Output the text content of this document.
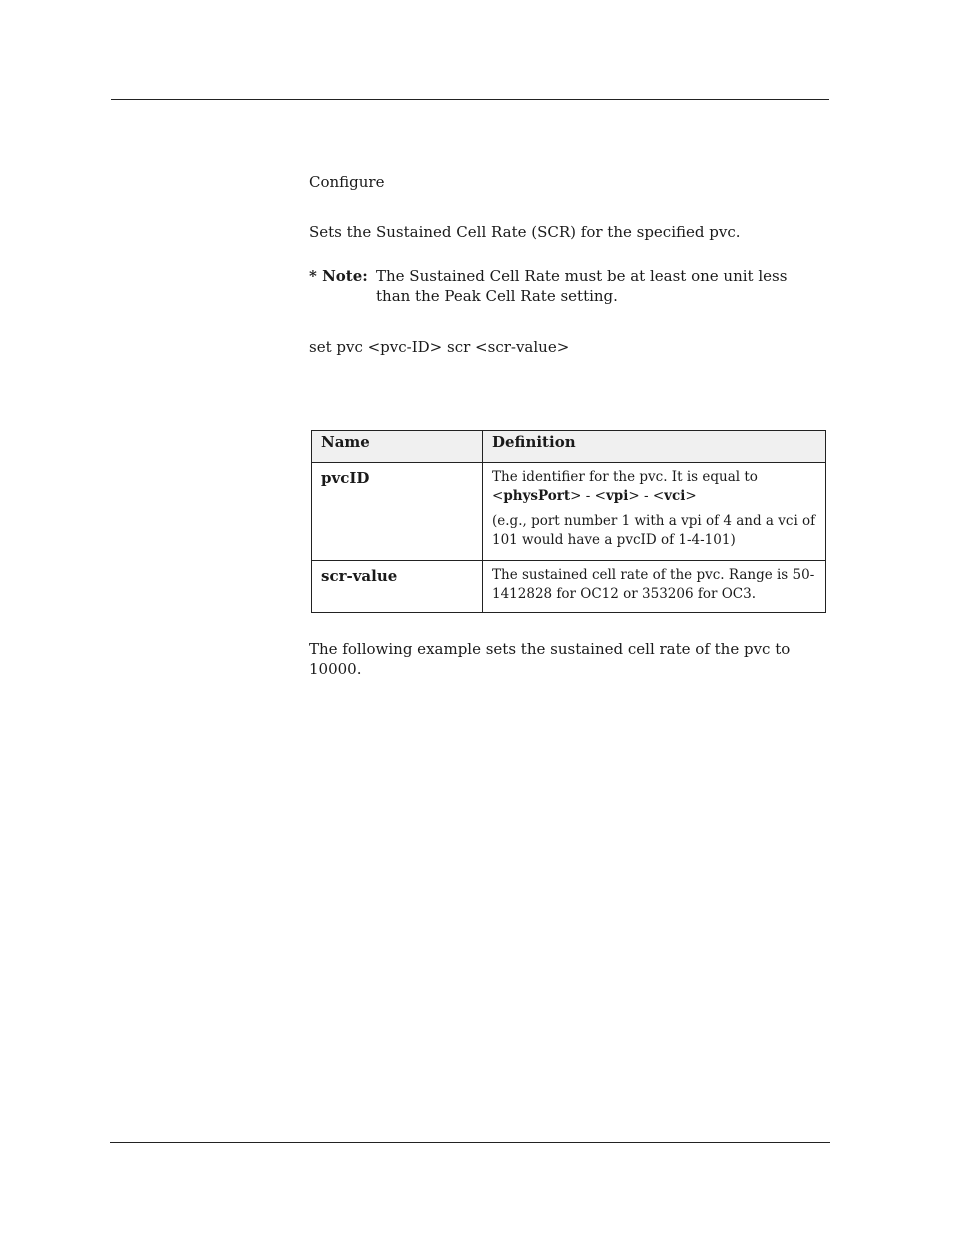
Configure

Sets the Sustained Cell Rate (SCR) for the specified pvc.

* Note: The Sustained Cell Rate must be at least one unit less
than the Peak Cell Rate setting.

set pvc <pvc-ID> scr <scr-value>

Name	Definition
pvcID	The identifier for the pvc. It is equal to
<physPort> - <vpi> - <vci>

(e.g., port number 1 with a vpi of 4 and a vci of 101 would have a pvcID of 1-4-101)

scr-value	The sustained cell rate of the pvc. Range is 50-1412828 for OC12 or 353206 for OC3.

The following example sets the sustained cell rate of the pvc to 10000.
